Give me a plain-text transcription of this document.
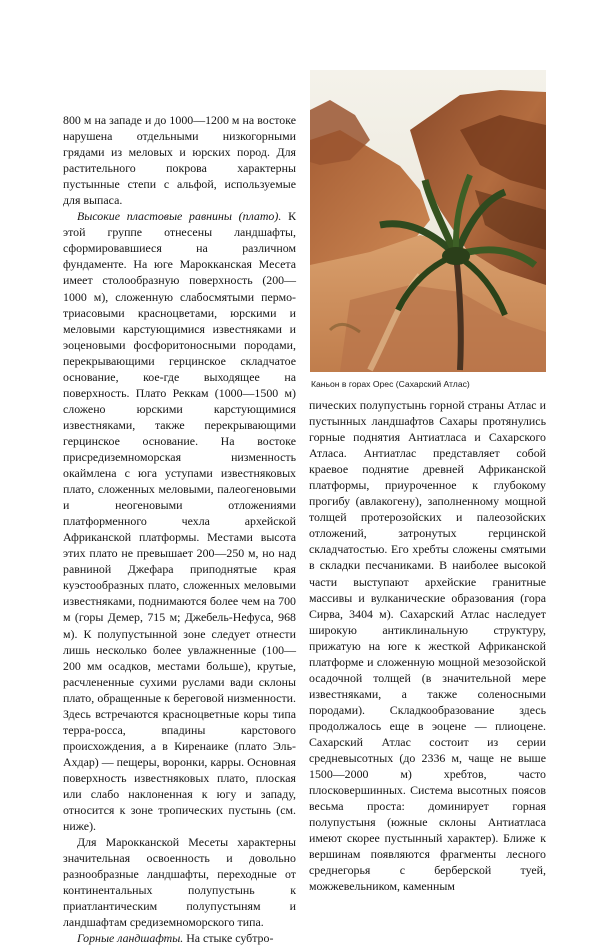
800 м на западе и до 1000—1200 м на востоке нарушена отдельными низкогорными грядами из меловых и юрских пород. Для растительного покрова характерны пустынные степи с альфой, используемые для выпаса.

Высокие пластовые равнины (плато). К этой группе отнесены ландшафты, сформировавшиеся на различном фундаменте. На юге Марокканская Месета имеет столообразную поверхность (200—1000 м), сложенную слабосмятыми пермо-триасовыми красноцветами, юрскими и меловыми карстующимися известняками и эоценовыми фосфоритоносными породами, перекрывающими герцинское складчатое основание, кое-где выходящее на поверхность. Плато Реккам (1000—1500 м) сложено юрскими карстующимися известняками, также перекрывающими герцинское основание. На востоке присредиземноморская низменность окаймлена с юга уступами известняковых плато, сложенных меловыми, палеогеновыми и неогеновыми отложениями платформенного чехла архейской Африканской платформы. Местами высота этих плато не превышает 200—250 м, но над равниной Джефара приподнятые края куэстообразных плато, сложенных меловыми известняками, поднимаются более чем на 700 м (горы Демер, 715 м; Джебель-Нефуса, 968 м). К полупустынной зоне следует отнести лишь несколько более увлажненные (100—200 мм осадков, местами больше), крутые, расчлененные сухими руслами вади склоны плато, обращенные к береговой низменности. Здесь встречаются красноцветные коры типа терра-росса, впадины карстового происхождения, а в Киренаике (плато Эль-Ахдар) — пещеры, воронки, карры. Основная поверхность известняковых плато, плоская или слабо наклоненная к югу и западу, относится к зоне тропических пустынь (см. ниже).

Для Марокканской Месеты характерны значительная освоенность и довольно разнообразные ландшафты, переходные от континентальных полупустынь к приатлантическим полупустыням и ландшафтам средиземноморского типа.

Горные ландшафты. На стыке субтро-

Каньон в горах Орес (Сахарский Атлас)

пических полупустынь горной страны Атлас и пустынных ландшафтов Сахары протянулись горные поднятия Антиатласа и Сахарского Атласа. Антиатлас представляет собой краевое поднятие древней Африканской платформы, приуроченное к глубокому прогибу (авлакогену), заполненному мощной толщей протерозойских и палеозойских отложений, затронутых герцинской складчатостью. Его хребты сложены смятыми в складки песчаниками. В наиболее высокой части выступают архейские гранитные массивы и вулканические образования (гора Сирва, 3404 м). Сахарский Атлас наследует широкую антиклинальную структуру, прижатую на юге к жесткой Африканской платформе и сложенную мощной мезозойской осадочной толщей (в значительной мере известняками, а также соленосными породами). Складкообразование здесь продолжалось еще в эоцене — плиоцене. Сахарский Атлас состоит из серии средневысотных (до 2336 м, чаще не выше 1500—2000 м) хребтов, часто плосковершинных. Система высотных поясов весьма проста: доминирует горная полупустыня (южные склоны Антиатласа имеют скорее пустынный характер). Ближе к вершинам появляются фрагменты лесного среднегорья с берберской туей, можжевельником, каменным
